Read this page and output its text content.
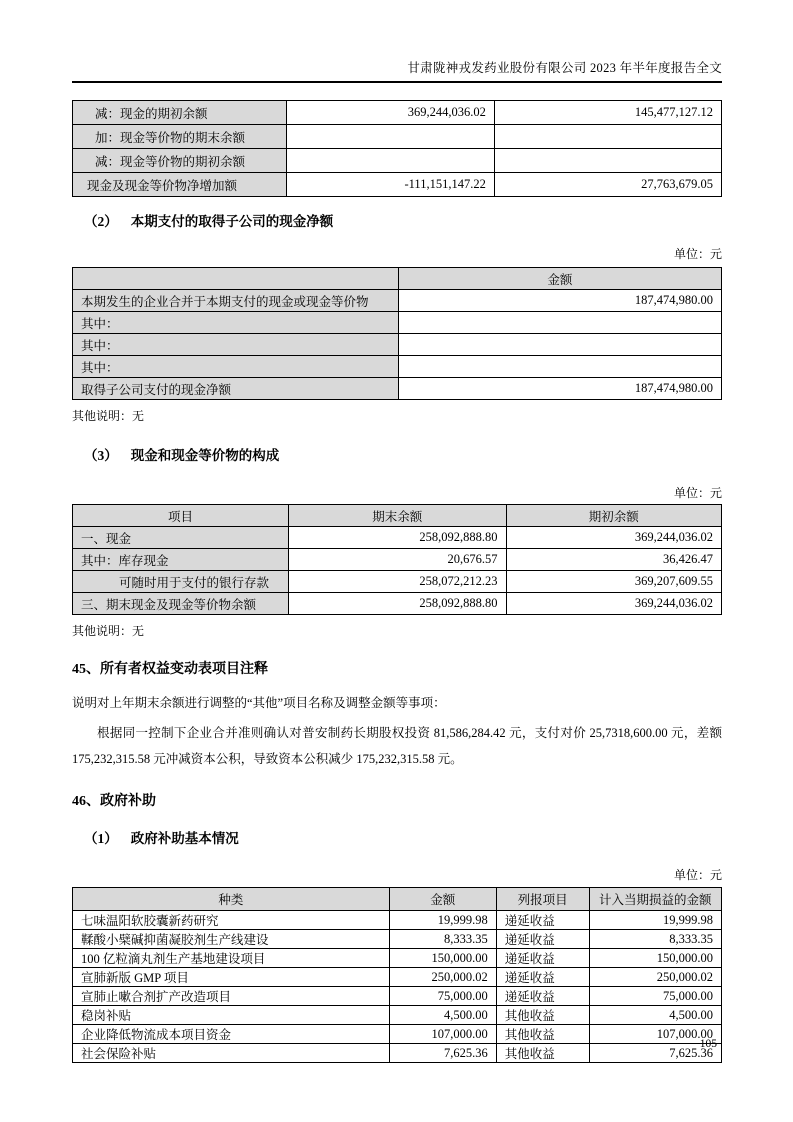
甘肃陇神戎发药业股份有限公司 2023 年半年度报告全文
减：现金的期初余额	369,244,036.02	145,477,127.12
加：现金等价物的期末余额		
减：现金等价物的期初余额		
现金及现金等价物净增加额	-111,151,147.22	27,763,679.05
（2） 本期支付的取得子公司的现金净额
单位：元
	金额
本期发生的企业合并于本期支付的现金或现金等价物	187,474,980.00
其中：	
其中：	
其中：	
取得子公司支付的现金净额	187,474,980.00
其他说明：无
（3） 现金和现金等价物的构成
单位：元
项目	期末余额	期初余额
一、现金	258,092,888.80	369,244,036.02
其中：库存现金	20,676.57	36,426.47
可随时用于支付的银行存款	258,072,212.23	369,207,609.55
三、期末现金及现金等价物余额	258,092,888.80	369,244,036.02
其他说明：无
45、所有者权益变动表项目注释
说明对上年期末余额进行调整的“其他”项目名称及调整金额等事项：
根据同一控制下企业合并准则确认对普安制药长期股权投资 81,586,284.42 元，支付对价 25,7318,600.00 元，差额 175,232,315.58 元冲减资本公积，导致资本公积减少 175,232,315.58 元。
46、政府补助
（1） 政府补助基本情况
单位：元
种类	金额	列报项目	计入当期损益的金额
七味温阳软胶囊新药研究	19,999.98	递延收益	19,999.98
鞣酸小檗碱抑菌凝胶剂生产线建设	8,333.35	递延收益	8,333.35
100 亿粒滴丸剂生产基地建设项目	150,000.00	递延收益	150,000.00
宣肺新版 GMP 项目	250,000.02	递延收益	250,000.02
宣肺止嗽合剂扩产改造项目	75,000.00	递延收益	75,000.00
稳岗补贴	4,500.00	其他收益	4,500.00
企业降低物流成本项目资金	107,000.00	其他收益	107,000.00
社会保险补贴	7,625.36	其他收益	7,625.36
105
